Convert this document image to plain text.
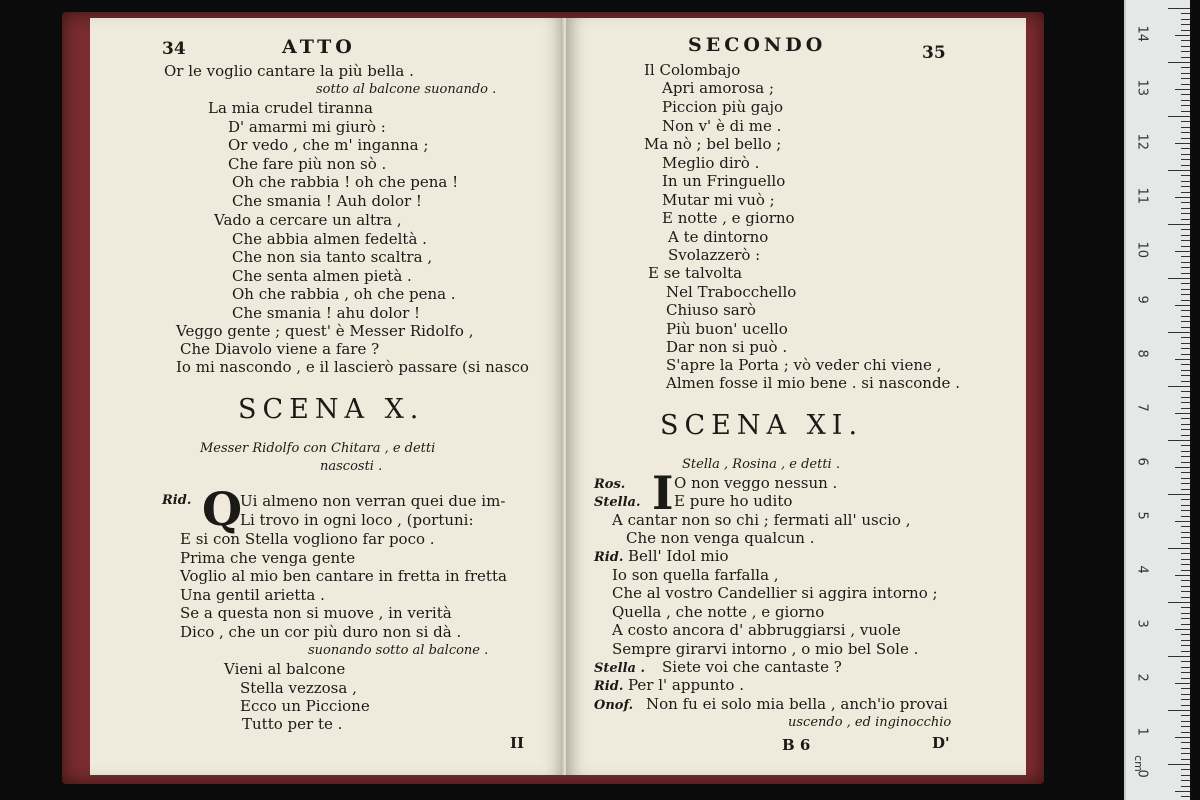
34	ATTO
Or le voglio cantare la più bella .
sotto al balcone suonando .
La mia crudel tiranna
D' amarmi mi giurò :
Or vedo , che m' inganna ;
Che fare più non sò .
Oh che rabbia ! oh che pena !
Che smania ! Auh dolor !
Vado a cercare un altra ,
Che abbia almen fedeltà .
Che non sia tanto scaltra ,
Che senta almen pietà .
Oh che rabbia , oh che pena .
Che smania ! ahu dolor !
Veggo gente ; quest' è Messer Ridolfo ,
Che Diavolo viene a fare ?
Io mi nascondo , e il lascierò passare (si nasco
SCENA X.
Messer Ridolfo con Chitara , e detti
nascosti .
Rid. Q
Ui almeno non verran quei due im-
Li trovo in ogni loco , (portuni:
E si con Stella vogliono far poco .
Prima che venga gente
Voglio al mio ben cantare in fretta in fretta
Una gentil arietta .
Se a questa non si muove , in verità
Dico , che un cor più duro non si dà .
suonando sotto al balcone .
Vieni al balcone
Stella vezzosa ,
Ecco un Piccione
Tutto per te .
II
SECONDO	35
Il Colombajo
Apri amorosa ;
Piccion più gajo
Non v' è di me .
Ma nò ; bel bello ;
Meglio dirò .
In un Fringuello
Mutar mi vuò ;
E notte , e giorno
A te dintorno
Svolazzerò :
E se talvolta
Nel Trabocchello
Chiuso sarò
Più buon' ucello
Dar non si può .
S'apre la Porta ; vò veder chi viene ,
Almen fosse il mio bene . si nasconde .
SCENA XI.
Stella , Rosina , e detti .
I
Ros.	O non veggo nessun .
Stella. E pure ho udito
A cantar non so chi ; fermati all' uscio ,
Che non venga qualcun .
Rid. Bell' Idol mio
Io son quella farfalla ,
Che al vostro Candellier si aggira intorno ;
Quella , che notte , e giorno
A costo ancora d' abbruggiarsi , vuole
Sempre girarvi intorno , o mio bel Sole .
Stella . Siete voi che cantaste ?
Rid. Per l' appunto .
Onof. Non fu ei solo mia bella , anch'io provai
uscendo , ed inginocchio
B 6	D'
14
13
12
11
10
9
8
7
6
5
4
3
2
1
0
cm
